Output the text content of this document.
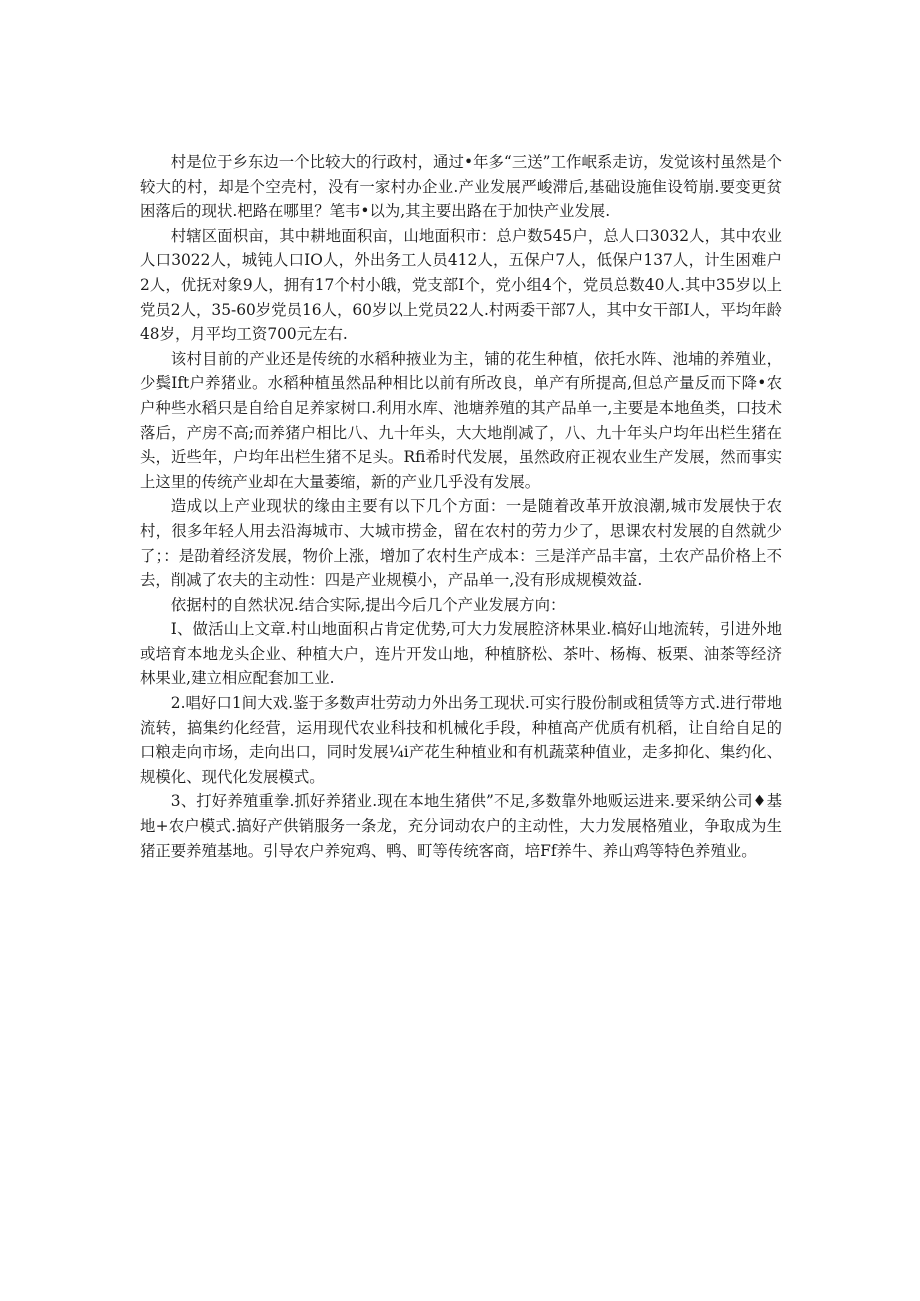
村是位于乡东边一个比较大的行政村，通过•年多“三送”工作岷系走访，发觉该村虽然是个较大的村，却是个空壳村，没有一家村办企业.产业发展严峻滞后,基础设施隹设笱崩.要变更贫困落后的现状.杷路在哪里？笔韦•以为,其主要出路在于加快产业发展.

村辖区面枳亩，其中耕地面积亩，山地面积市：总户数545户，总人口3032人，其中农业人口3022人，城钝人口IO人，外出务工人员412人，五保户7人，低保户137人，计生困难户2人，优抚对象9人，拥有17个村小皒，党支部I个，党小组4个，党员总数40人.其中35岁以上党员2人，35-60岁党员16人，60岁以上党员22人.村两委干部7人，其中女干部I人，平均年龄48岁，月平均工资700元左右.

该村目前的产业还是传统的水稻种掖业为主，铺的花生种植，依托水阵、池埔的养殖业，少鬓Ift户养猪业。水稻种植虽然品种相比以前有所改良，单产有所提高,但总产量反而下降•农户种些水稻只是自给自足养家树口.利用水库、池塘养殖的其产品单一,主要是本地鱼类，口技术落后，产房不高;而养猪户相比八、九十年头，大大地削减了，八、九十年头户均年出栏生猪在头，近些年，户均年出栏生猪不足头。Rfi希时代发展，虽然政府正视农业生产发展，然而事实上这里的传统产业却在大量萎缩，新的产业几乎没有发展。

造成以上产业现状的缘由主要有以下几个方面：一是随着改革开放浪潮,城市发展快于农村，很多年轻人用去沿海城市、大城市捞金，留在农村的劳力少了，思课农村发展的自然就少了；：是劭着经济发展，物价上涨，增加了农村生产成本：三是洋产品丰富，土农产品价格上不去，削减了农夫的主动性：四是产业规模小，产品单一,没有形成规模效益.

依据村的自然状况.结合实际,提出今后几个产业发展方向：

I、做活山上文章.村山地面积占肯定优势,可大力发展腔济林果业.槁好山地流转，引进外地或培育本地龙头企业、种植大户，连片开发山地，种植脐松、茶叶、杨梅、板栗、油茶等经济林果业,建立相应配套加工业.

2.唱好口1间大戏.鉴于多数声壮劳动力外出务工现状.可实行股份制或租赁等方式.进行带地流转，搞集约化经营，运用现代农业科技和机械化手段，种植高产优质有机稻，让自给自足的口粮走向市场，走向出口，同时发展¼i产花生种植业和有机蔬菜种值业，走多抑化、集约化、规模化、现代化发展模式。

3、打好养殖重拳.抓好养猪业.现在本地生猪供”不足,多数靠外地贩运进来.要采纳公司♦基地+农户模式.搞好产供销服务一条龙，充分词动农户的主动性，大力发展格殖业，争取成为生猪正要养殖基地。引导农户养宛鸡、鸭、町等传统客商，培Ff养牛、养山鸡等特色养殖业。
